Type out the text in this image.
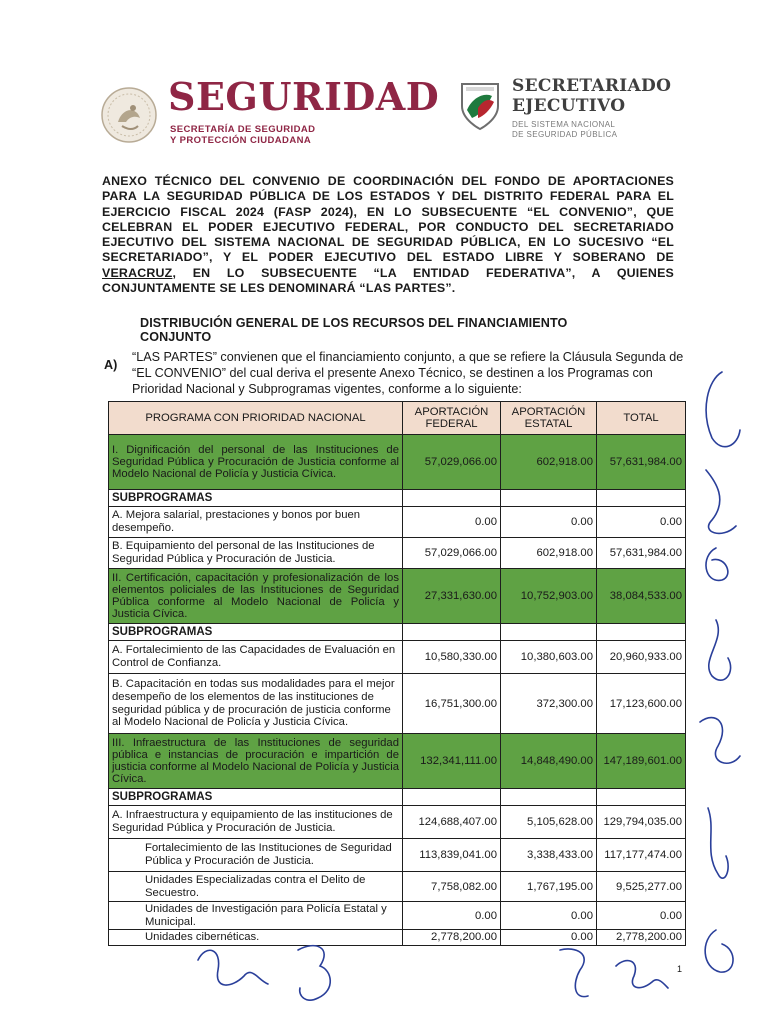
SEGURIDAD
SECRETARÍA DE SEGURIDAD
Y PROTECCIÓN CIUDADANA
SECRETARIADO
EJECUTIVO
DEL SISTEMA NACIONAL
DE SEGURIDAD PÚBLICA
ANEXO TÉCNICO DEL CONVENIO DE COORDINACIÓN DEL FONDO DE APORTACIONES PARA LA SEGURIDAD PÚBLICA DE LOS ESTADOS Y DEL DISTRITO FEDERAL PARA EL EJERCICIO FISCAL 2024 (FASP 2024), EN LO SUBSECUENTE “EL CONVENIO”, QUE CELEBRAN EL PODER EJECUTIVO FEDERAL, POR CONDUCTO DEL SECRETARIADO EJECUTIVO DEL SISTEMA NACIONAL DE SEGURIDAD PÚBLICA, EN LO SUCESIVO “EL SECRETARIADO”, Y EL PODER EJECUTIVO DEL ESTADO LIBRE Y SOBERANO DE VERACRUZ, EN LO SUBSECUENTE “LA ENTIDAD FEDERATIVA”, A QUIENES CONJUNTAMENTE SE LES DENOMINARÁ “LAS PARTES”.
DISTRIBUCIÓN GENERAL DE LOS RECURSOS DEL FINANCIAMIENTO CONJUNTO
A)
“LAS PARTES” convienen que el financiamiento conjunto, a que se refiere la Cláusula Segunda de “EL CONVENIO” del cual deriva el presente Anexo Técnico, se destinen a los Programas con Prioridad Nacional y Subprogramas vigentes, conforme a lo siguiente:
PROGRAMA CON PRIORIDAD NACIONAL	APORTACIÓN FEDERAL	APORTACIÓN ESTATAL	TOTAL
I. Dignificación del personal de las Instituciones de Seguridad Pública y Procuración de Justicia conforme al Modelo Nacional de Policía y Justicia Cívica.	57,029,066.00	602,918.00	57,631,984.00
SUBPROGRAMAS			
A. Mejora salarial, prestaciones y bonos por buen desempeño.	0.00	0.00	0.00
B. Equipamiento del personal de las Instituciones de Seguridad Pública y Procuración de Justicia.	57,029,066.00	602,918.00	57,631,984.00
II. Certificación, capacitación y profesionalización de los elementos policiales de las Instituciones de Seguridad Pública conforme al Modelo Nacional de Policía y Justicia Cívica.	27,331,630.00	10,752,903.00	38,084,533.00
SUBPROGRAMAS			
A. Fortalecimiento de las Capacidades de Evaluación en Control de Confianza.	10,580,330.00	10,380,603.00	20,960,933.00
B. Capacitación en todas sus modalidades para el mejor desempeño de los elementos de las instituciones de seguridad pública y de procuración de justicia conforme al Modelo Nacional de Policía y Justicia Cívica.	16,751,300.00	372,300.00	17,123,600.00
III. Infraestructura de las Instituciones de seguridad pública e instancias de procuración e impartición de justicia conforme al Modelo Nacional de Policía y Justicia Cívica.	132,341,111.00	14,848,490.00	147,189,601.00
SUBPROGRAMAS			
A. Infraestructura y equipamiento de las instituciones de Seguridad Pública y Procuración de Justicia.	124,688,407.00	5,105,628.00	129,794,035.00
Fortalecimiento de las Instituciones de Seguridad Pública y Procuración de Justicia.	113,839,041.00	3,338,433.00	117,177,474.00
Unidades Especializadas contra el Delito de Secuestro.	7,758,082.00	1,767,195.00	9,525,277.00
Unidades de Investigación para Policía Estatal y Municipal.	0.00	0.00	0.00
Unidades cibernéticas.	2,778,200.00	0.00	2,778,200.00
1
